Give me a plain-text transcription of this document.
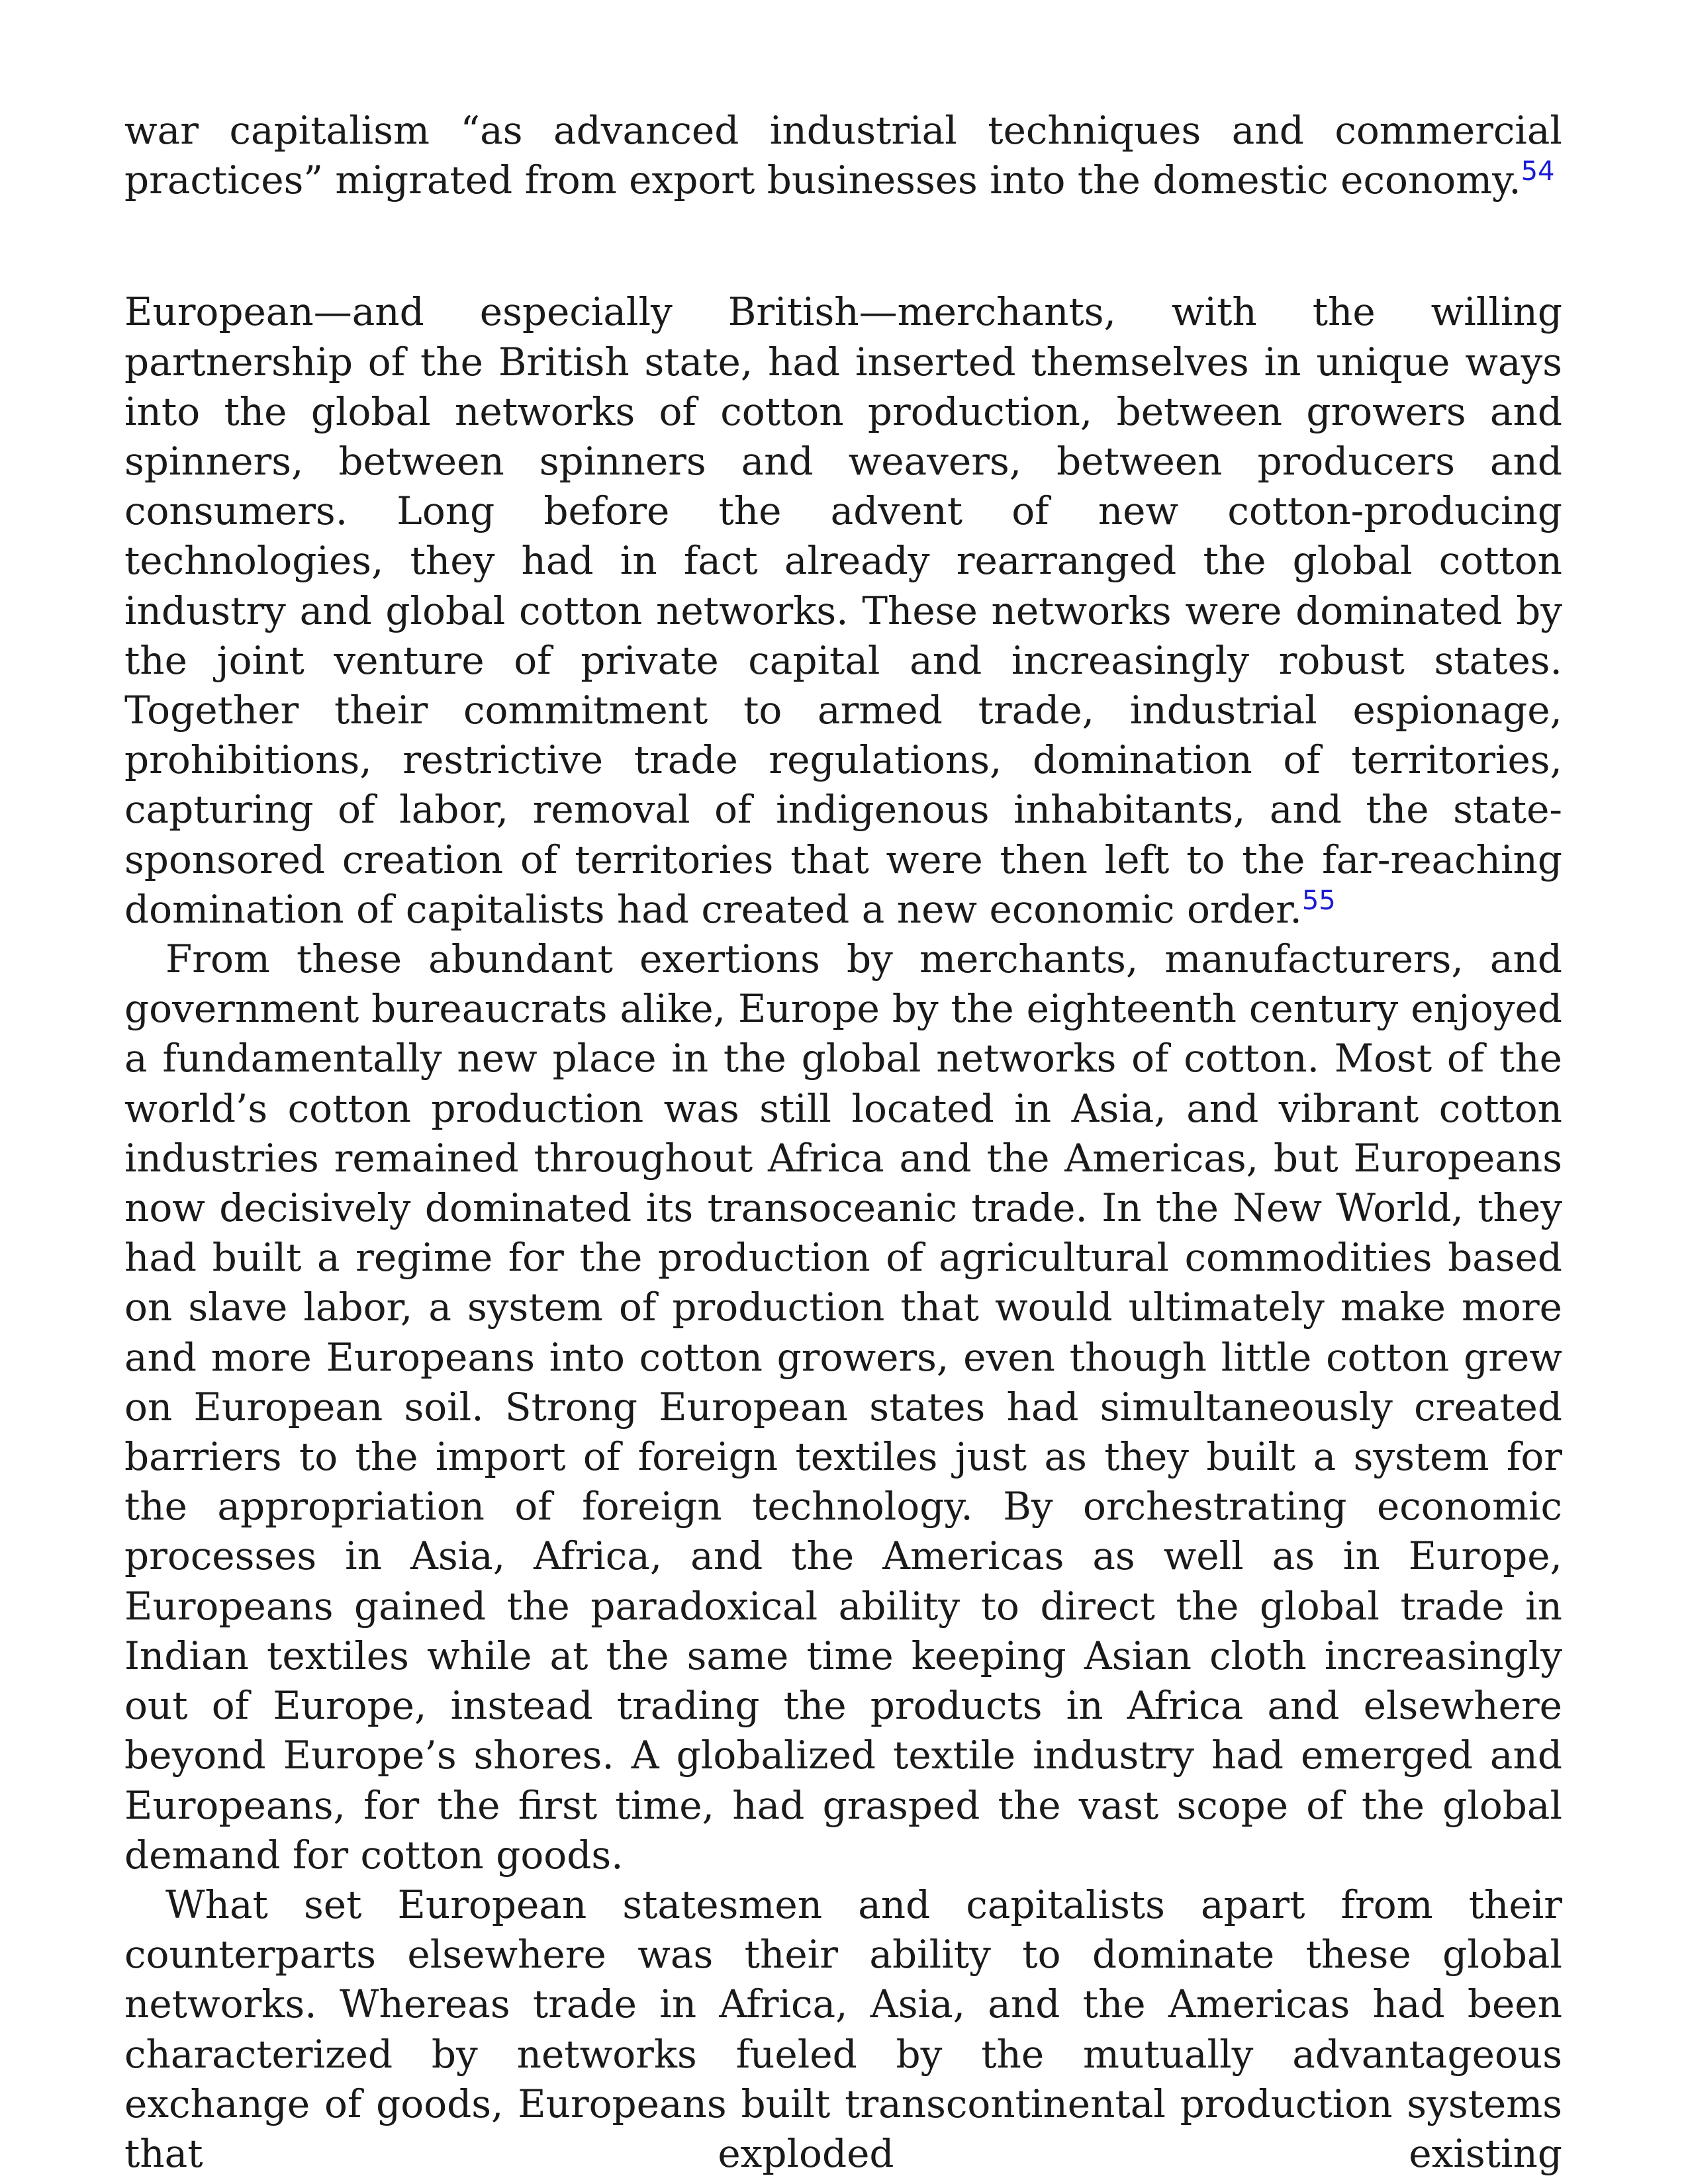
war capitalism “as advanced industrial techniques and commercial practices” migrated from export businesses into the domestic economy.$^{54}$

European—and especially British—merchants, with the willing partnership of the British state, had inserted themselves in unique ways into the global networks of cotton production, between growers and spinners, between spinners and weavers, between producers and consumers. Long before the advent of new cotton-producing technologies, they had in fact already rearranged the global cotton industry and global cotton networks. These networks were dominated by the joint venture of private capital and increasingly robust states. Together their commitment to armed trade, industrial espionage, prohibitions, restrictive trade regulations, domination of territories, capturing of labor, removal of indigenous inhabitants, and the state-sponsored creation of territories that were then left to the far-reaching domination of capitalists had created a new economic order.$^{55}$

From these abundant exertions by merchants, manufacturers, and government bureaucrats alike, Europe by the eighteenth century enjoyed a fundamentally new place in the global networks of cotton. Most of the world’s cotton production was still located in Asia, and vibrant cotton industries remained throughout Africa and the Americas, but Europeans now decisively dominated its transoceanic trade. In the New World, they had built a regime for the production of agricultural commodities based on slave labor, a system of production that would ultimately make more and more Europeans into cotton growers, even though little cotton grew on European soil. Strong European states had simultaneously created barriers to the import of foreign textiles just as they built a system for the appropriation of foreign technology. By orchestrating economic processes in Asia, Africa, and the Americas as well as in Europe, Europeans gained the paradoxical ability to direct the global trade in Indian textiles while at the same time keeping Asian cloth increasingly out of Europe, instead trading the products in Africa and elsewhere beyond Europe’s shores. A globalized textile industry had emerged and Europeans, for the first time, had grasped the vast scope of the global demand for cotton goods.

What set European statesmen and capitalists apart from their counterparts elsewhere was their ability to dominate these global networks. Whereas trade in Africa, Asia, and the Americas had been characterized by networks fueled by the mutually advantageous exchange of goods, Europeans built transcontinental production systems that exploded existing
